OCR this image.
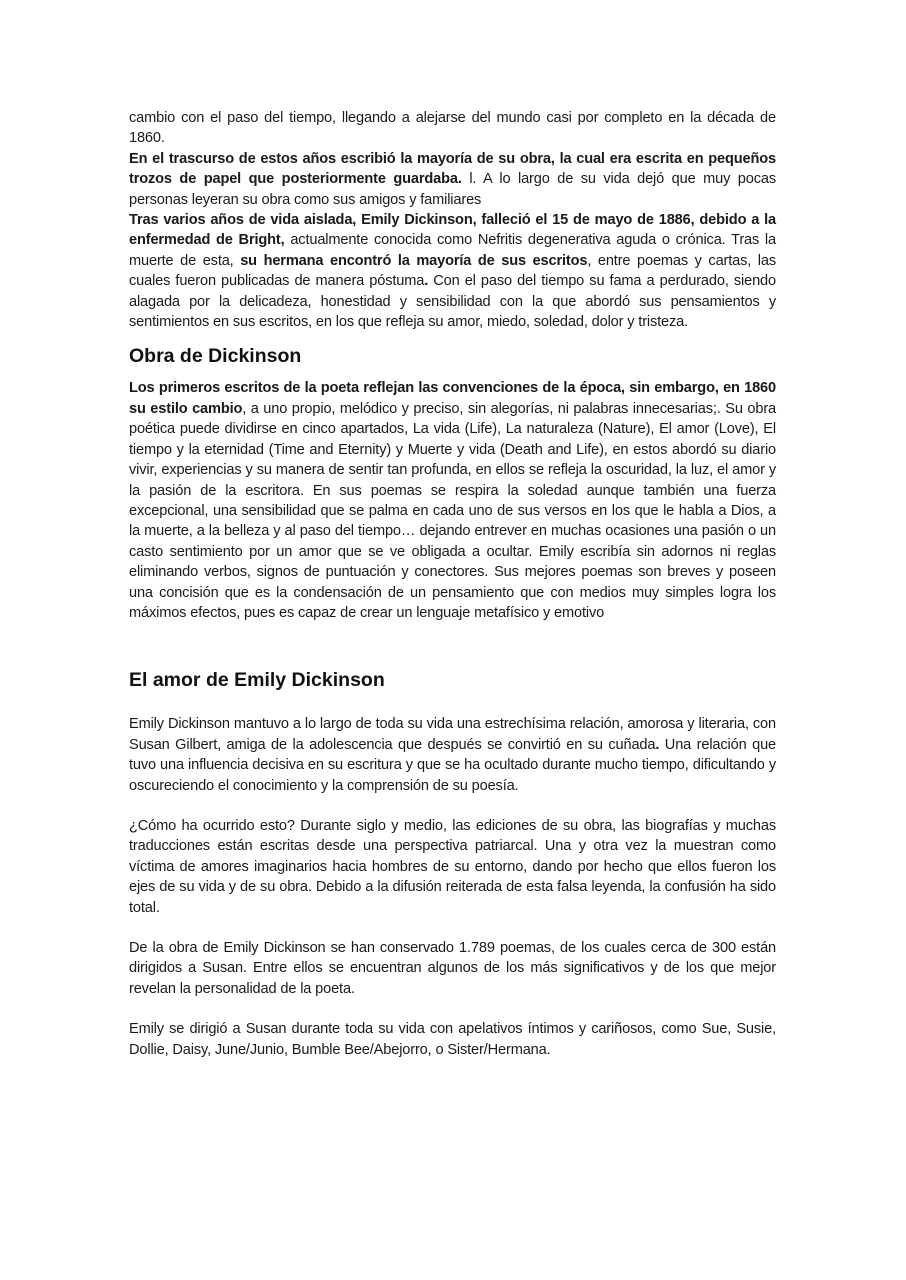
cambio con el paso del tiempo, llegando a alejarse del mundo casi por completo en la década de 1860.

En el trascurso de estos años escribió la mayoría de su obra, la cual era escrita en pequeños trozos de papel que posteriormente guardaba. l. A lo largo de su vida dejó que muy pocas personas leyeran su obra como sus amigos y familiares

Tras varios años de vida aislada, Emily Dickinson, falleció el 15 de mayo de 1886, debido a la enfermedad de Bright, actualmente conocida como Nefritis degenerativa aguda o crónica. Tras la muerte de esta, su hermana encontró la mayoría de sus escritos, entre poemas y cartas, las cuales fueron publicadas de manera póstuma. Con el paso del tiempo su fama a perdurado, siendo alagada por la delicadeza, honestidad y sensibilidad con la que abordó sus pensamientos y sentimientos en sus escritos, en los que refleja su amor, miedo, soledad, dolor y tristeza.

Obra de Dickinson

Los primeros escritos de la poeta reflejan las convenciones de la época, sin embargo, en 1860 su estilo cambio, a uno propio, melódico y preciso, sin alegorías, ni palabras innecesarias;. Su obra poética puede dividirse en cinco apartados, La vida (Life), La naturaleza (Nature), El amor (Love), El tiempo y la eternidad (Time and Eternity) y Muerte y vida (Death and Life), en estos abordó su diario vivir, experiencias y su manera de sentir tan profunda, en ellos se refleja la oscuridad, la luz, el amor y la pasión de la escritora. En sus poemas se respira la soledad aunque también una fuerza excepcional, una sensibilidad que se palma en cada uno de sus versos en los que le habla a Dios, a la muerte, a la belleza y al paso del tiempo… dejando entrever en muchas ocasiones una pasión o un casto sentimiento por un amor que se ve obligada a ocultar. Emily escribía sin adornos ni reglas eliminando verbos, signos de puntuación y conectores. Sus mejores poemas son breves y poseen una concisión que es la condensación de un pensamiento que con medios muy simples logra los máximos efectos, pues es capaz de crear un lenguaje metafísico y emotivo

El amor de Emily Dickinson

Emily Dickinson mantuvo a lo largo de toda su vida una estrechísima relación, amorosa y literaria, con Susan Gilbert, amiga de la adolescencia que después se convirtió en su cuñada. Una relación que tuvo una influencia decisiva en su escritura y que se ha ocultado durante mucho tiempo, dificultando y oscureciendo el conocimiento y la comprensión de su poesía.

¿Cómo ha ocurrido esto? Durante siglo y medio, las ediciones de su obra, las biografías y muchas traducciones están escritas desde una perspectiva patriarcal. Una y otra vez la muestran como víctima de amores imaginarios hacia hombres de su entorno, dando por hecho que ellos fueron los ejes de su vida y de su obra. Debido a la difusión reiterada de esta falsa leyenda, la confusión ha sido total.

De la obra de Emily Dickinson se han conservado 1.789 poemas, de los cuales cerca de 300 están dirigidos a Susan. Entre ellos se encuentran algunos de los más significativos y de los que mejor revelan la personalidad de la poeta.

Emily se dirigió a Susan durante toda su vida con apelativos íntimos y cariñosos, como Sue, Susie, Dollie, Daisy, June/Junio, Bumble Bee/Abejorro, o Sister/Hermana.
